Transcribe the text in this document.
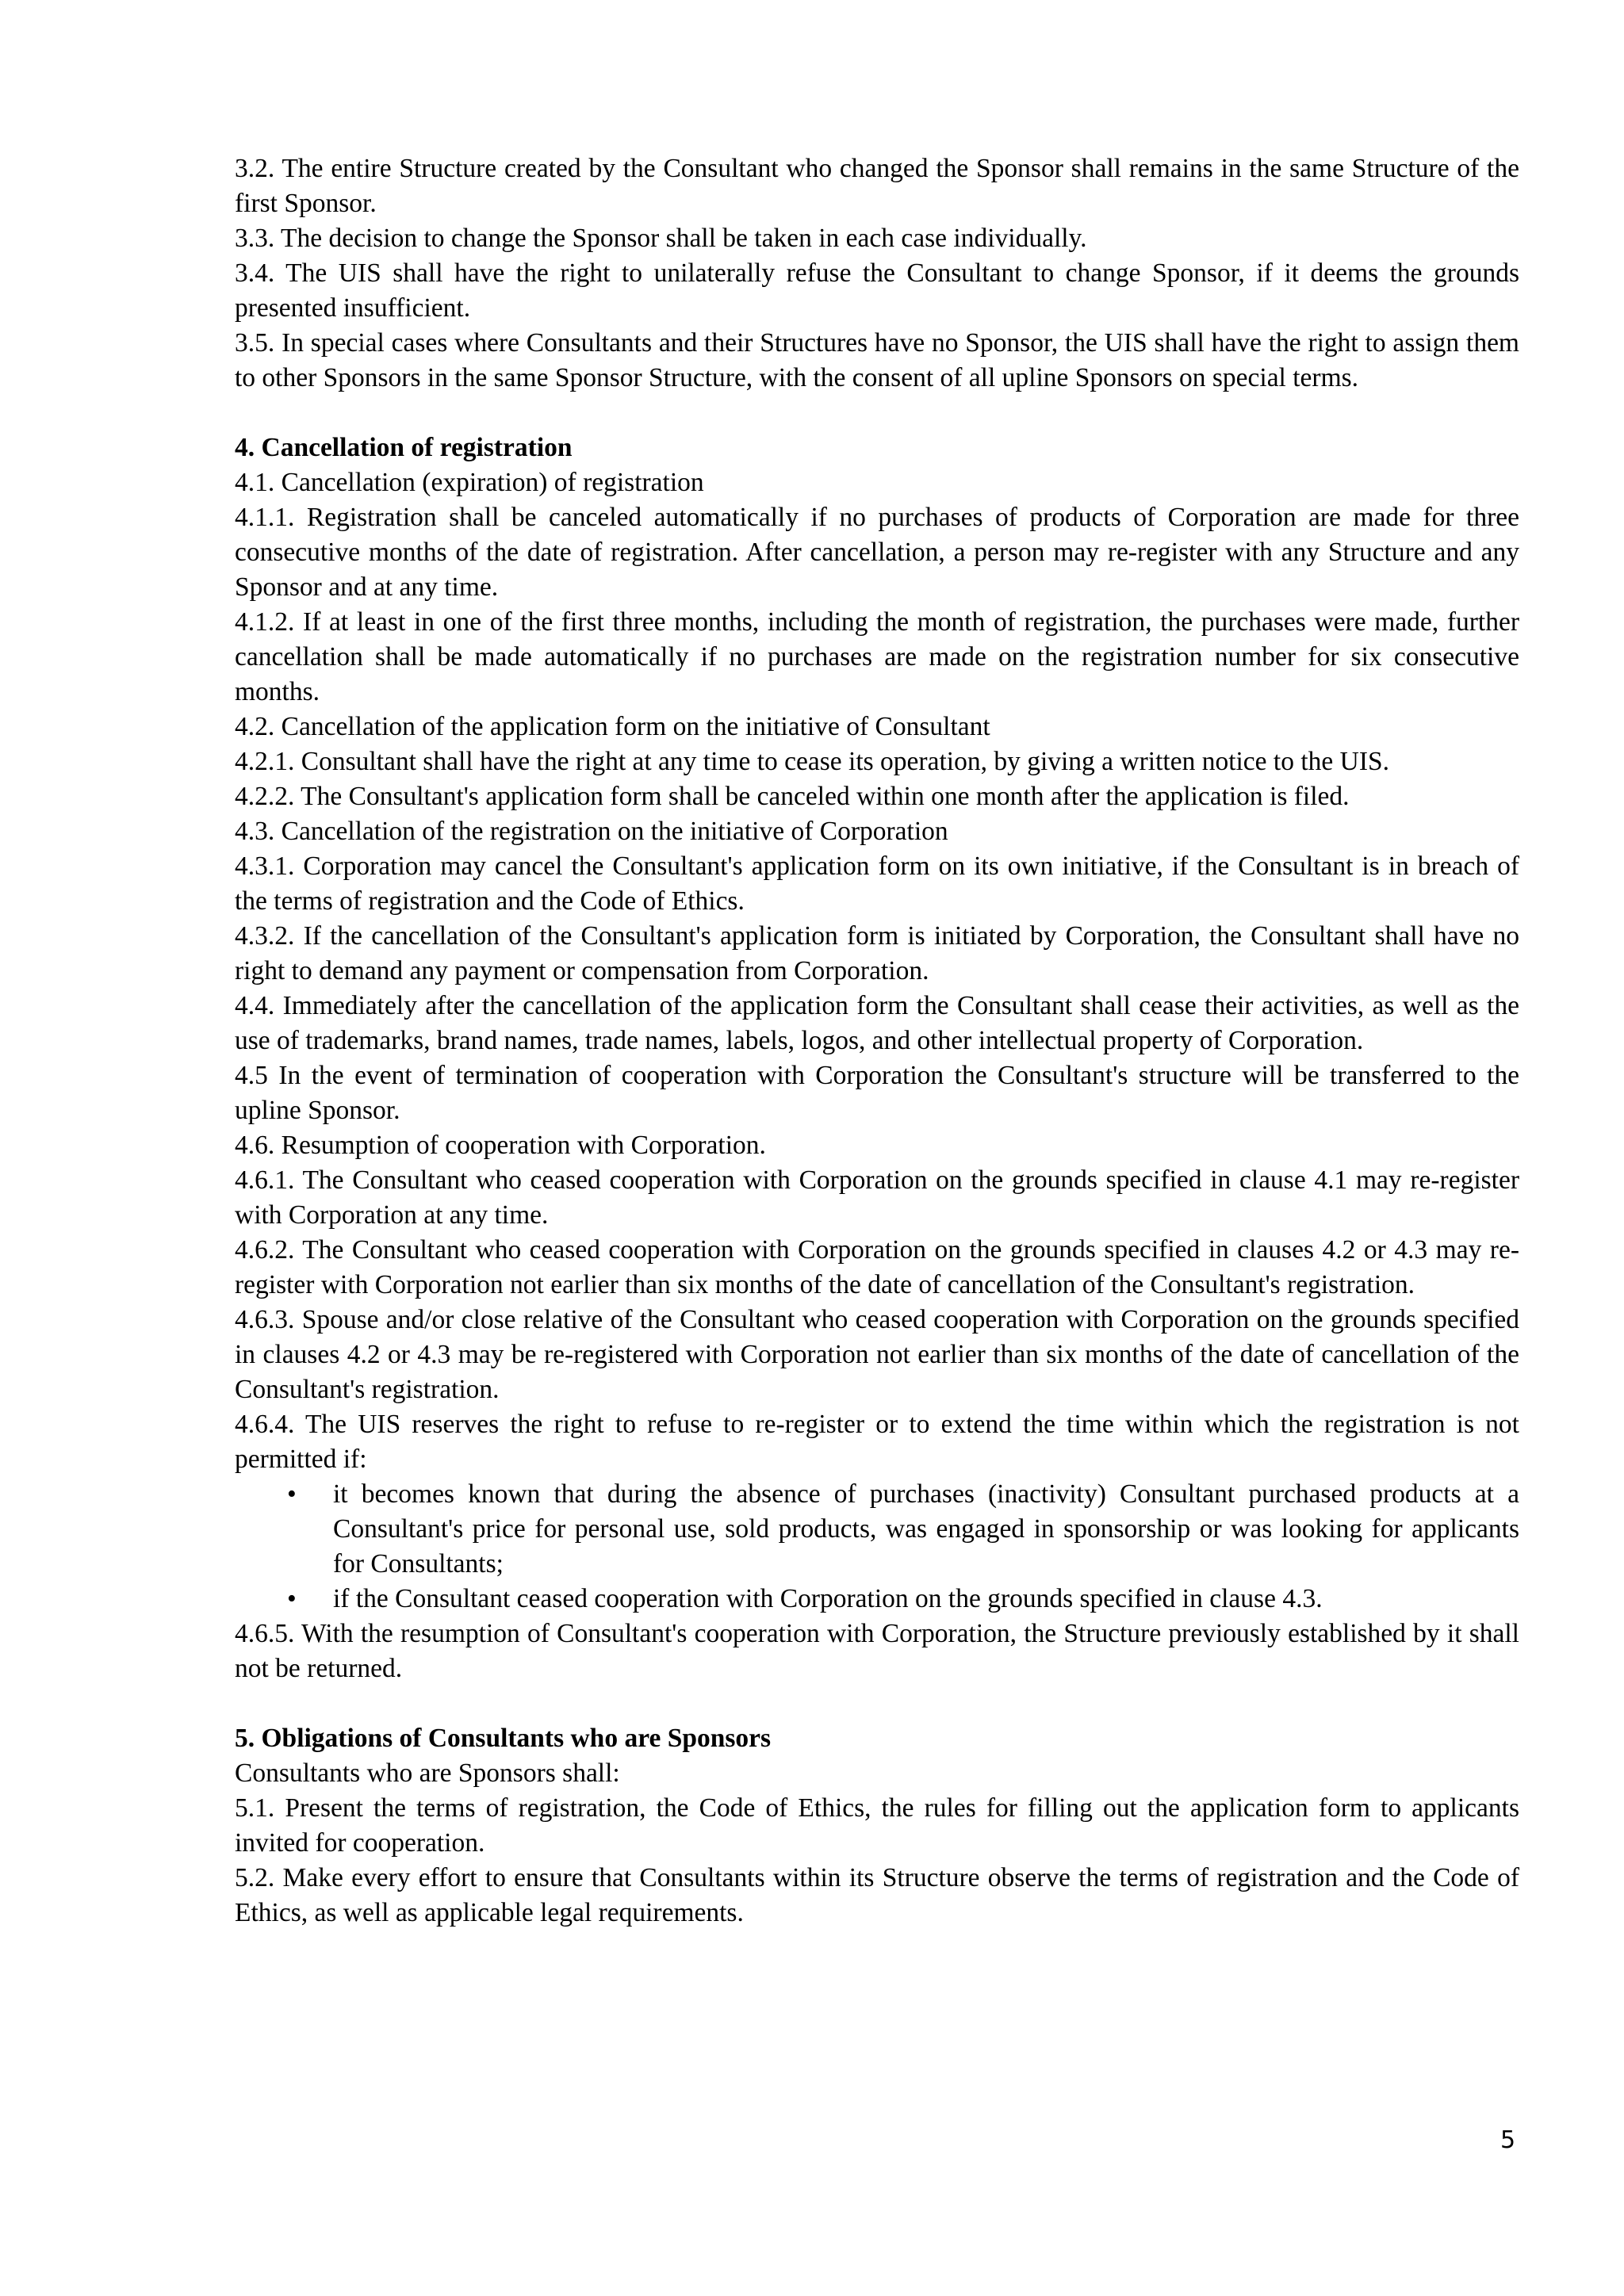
3.2. The entire Structure created by the Consultant who changed the Sponsor shall remains in the same Structure of the first Sponsor.

3.3. The decision to change the Sponsor shall be taken in each case individually.

3.4. The UIS shall have the right to unilaterally refuse the Consultant to change Sponsor, if it deems the grounds presented insufficient.

3.5. In special cases where Consultants and their Structures have no Sponsor, the UIS shall have the right to assign them to other Sponsors in the same Sponsor Structure, with the consent of all upline Sponsors on special terms.

4. Cancellation of registration

4.1. Cancellation (expiration) of registration

4.1.1. Registration shall be canceled automatically if no purchases of products of Corporation are made for three consecutive months of the date of registration. After cancellation, a person may re-register with any Structure and any Sponsor and at any time.

4.1.2. If at least in one of the first three months, including the month of registration, the purchases were made, further cancellation shall be made automatically if no purchases are made on the registration number for six consecutive months.

4.2. Cancellation of the application form on the initiative of Consultant

4.2.1. Consultant shall have the right at any time to cease its operation, by giving a written notice to the UIS.

4.2.2. The Consultant's application form shall be canceled within one month after the application is filed.

4.3. Cancellation of the registration on the initiative of Corporation

4.3.1. Corporation may cancel the Consultant's application form on its own initiative, if the Consultant is in breach of the terms of registration and the Code of Ethics.

4.3.2. If the cancellation of the Consultant's application form is initiated by Corporation, the Consultant shall have no right to demand any payment or compensation from Corporation.

4.4. Immediately after the cancellation of the application form the Consultant shall cease their activities, as well as the use of trademarks, brand names, trade names, labels, logos, and other intellectual property of Corporation.

4.5 In the event of termination of cooperation with Corporation the Consultant's structure will be transferred to the upline Sponsor.

4.6. Resumption of cooperation with Corporation.

4.6.1. The Consultant who ceased cooperation with Corporation on the grounds specified in clause 4.1 may re-register with Corporation at any time.

4.6.2. The Consultant who ceased cooperation with Corporation on the grounds specified in clauses 4.2 or 4.3 may re-register with Corporation not earlier than six months of the date of cancellation of the Consultant's registration.

4.6.3. Spouse and/or close relative of the Consultant who ceased cooperation with Corporation on the grounds specified in clauses 4.2 or 4.3 may be re-registered with Corporation not earlier than six months of the date of cancellation of the Consultant's registration.

4.6.4. The UIS reserves the right to refuse to re-register or to extend the time within which the registration is not permitted if:

• it becomes known that during the absence of purchases (inactivity) Consultant purchased products at a Consultant's price for personal use, sold products, was engaged in sponsorship or was looking for applicants for Consultants;
• if the Consultant ceased cooperation with Corporation on the grounds specified in clause 4.3.

4.6.5. With the resumption of Consultant's cooperation with Corporation, the Structure previously established by it shall not be returned.

5. Obligations of Consultants who are Sponsors

Consultants who are Sponsors shall:

5.1. Present the terms of registration, the Code of Ethics, the rules for filling out the application form to applicants invited for cooperation.

5.2. Make every effort to ensure that Consultants within its Structure observe the terms of registration and the Code of Ethics, as well as applicable legal requirements.

5
